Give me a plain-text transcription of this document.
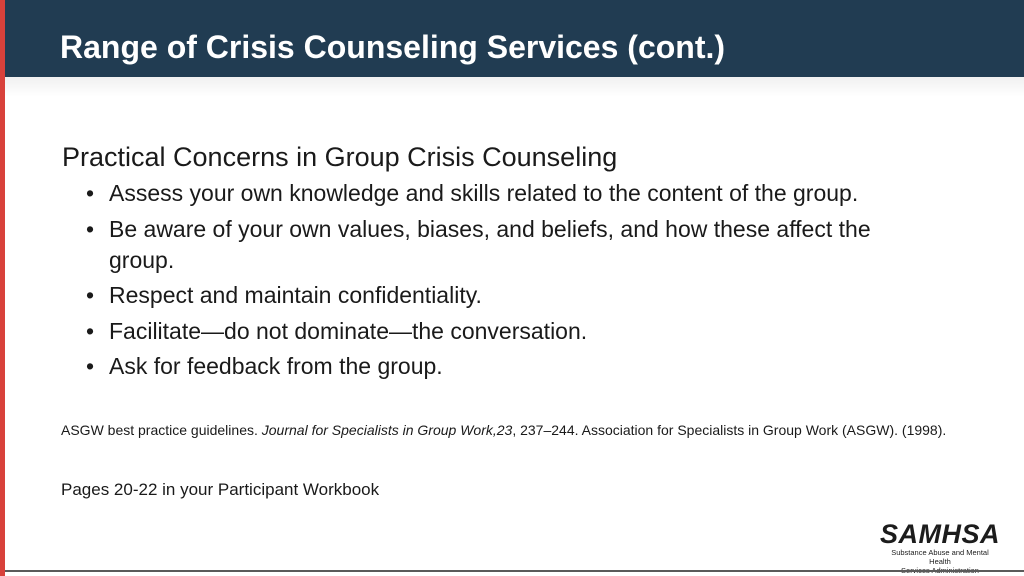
Range of Crisis Counseling Services (cont.)
Practical Concerns in Group Crisis Counseling
• Assess your own knowledge and skills related to the content of the group.
• Be aware of your own values, biases, and beliefs, and how these affect the group.
• Respect and maintain confidentiality.
• Facilitate—do not dominate—the conversation.
• Ask for feedback from the group.

ASGW best practice guidelines. Journal for Specialists in Group Work,23, 237–244. Association for Specialists in Group Work (ASGW). (1998).

Pages 20-22 in your Participant Workbook

SAMHSA
Substance Abuse and Mental Health
